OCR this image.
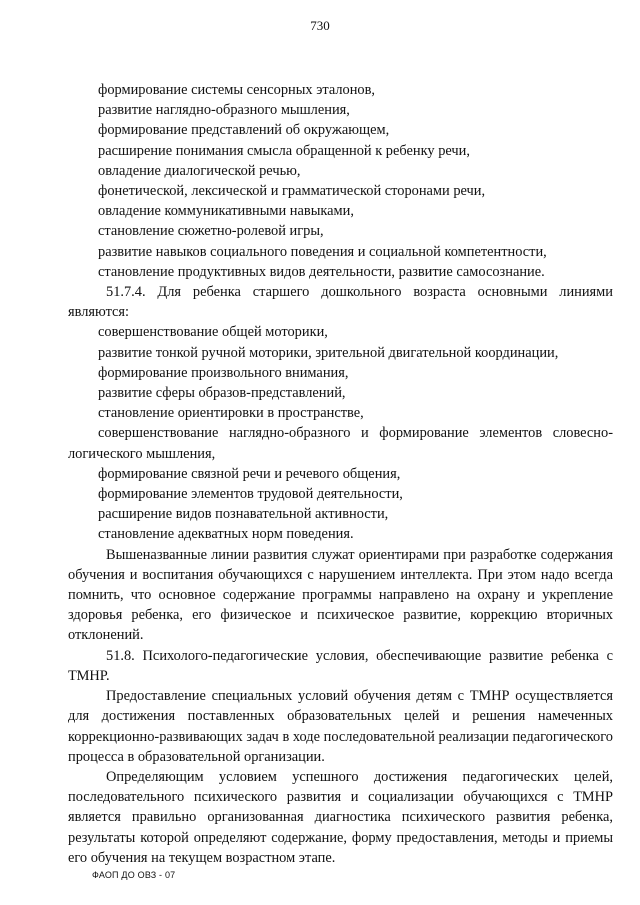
730

формирование системы сенсорных эталонов,

развитие наглядно-образного мышления,

формирование представлений об окружающем,

расширение понимания смысла обращенной к ребенку речи,

овладение диалогической речью,

фонетической, лексической и грамматической сторонами речи,

овладение коммуникативными навыками,

становление сюжетно-ролевой игры,

развитие навыков социального поведения и социальной компетентности,

становление продуктивных видов деятельности, развитие самосознание.

51.7.4. Для ребенка старшего дошкольного возраста основными линиями являются:

совершенствование общей моторики,

развитие тонкой ручной моторики, зрительной двигательной координации,

формирование произвольного внимания,

развитие сферы образов-представлений,

становление ориентировки в пространстве,

совершенствование наглядно-образного и формирование элементов словесно-логического мышления,

формирование связной речи и речевого общения,

формирование элементов трудовой деятельности,

расширение видов познавательной активности,

становление адекватных норм поведения.

Вышеназванные линии развития служат ориентирами при разработке содержания обучения и воспитания обучающихся с нарушением интеллекта. При этом надо всегда помнить, что основное содержание программы направлено на охрану и укрепление здоровья ребенка, его физическое и психическое развитие, коррекцию вторичных отклонений.

51.8. Психолого-педагогические условия, обеспечивающие развитие ребенка с ТМНР.

Предоставление специальных условий обучения детям с ТМНР осуществляется для достижения поставленных образовательных целей и решения намеченных коррекционно-развивающих задач в ходе последовательной реализации педагогического процесса в образовательной организации.

Определяющим условием успешного достижения педагогических целей, последовательного психического развития и социализации обучающихся с ТМНР является правильно организованная диагностика психического развития ребенка, результаты которой определяют содержание, форму предоставления, методы и приемы его обучения на текущем возрастном этапе.

ФАОП ДО ОВЗ - 07
